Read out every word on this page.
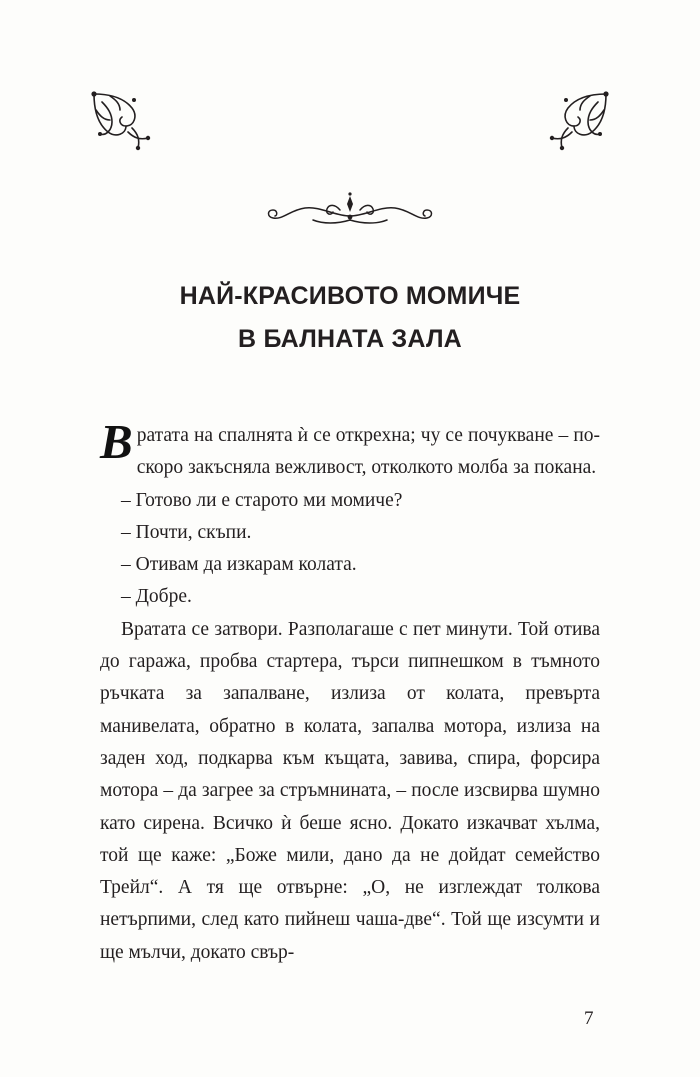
НАЙ-КРАСИВОТО МОМИЧЕ
В БАЛНАТА ЗАЛА

Вратата на спалнята ѝ се открехна; чу се почукване – по-скоро закъсняла вежливост, отколкото молба за покана.

– Готово ли е старото ми момиче?

– Почти, скъпи.

– Отивам да изкарам колата.

– Добре.

Вратата се затвори. Разполагаше с пет минути. Той отива до гаража, пробва стартера, търси пипнешком в тъмното ръчката за запалване, излиза от колата, превърта манивелата, обратно в колата, запалва мотора, излиза на заден ход, подкарва към къщата, завива, спира, форсира мотора – да загрее за стръмнината, – после изсвирва шумно като сирена. Всичко ѝ беше ясно. Докато изкачват хълма, той ще каже: „Боже мили, дано да не дойдат семейство Трейл“. А тя ще отвърне: „О, не изглеждат толкова нетърпими, след като пийнеш чаша-две“. Той ще изсумти и ще мълчи, докато свър-

7
